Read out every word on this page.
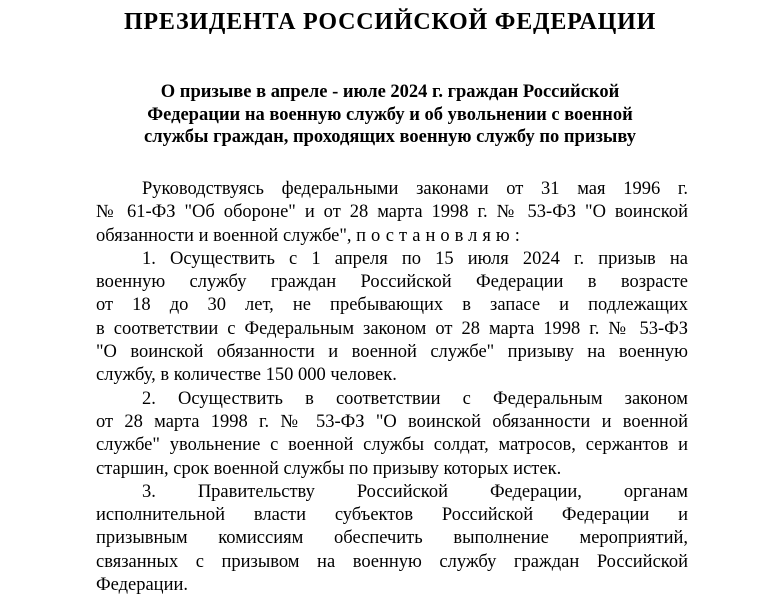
ПРЕЗИДЕНТА РОССИЙСКОЙ ФЕДЕРАЦИИ
О призыве в апреле - июле 2024 г. граждан Российской
Федерации на военную службу и об увольнении с военной
службы граждан, проходящих военную службу по призыву

Руководствуясь федеральными законами от 31 мая 1996 г.
№ 61-ФЗ "Об обороне" и от 28 марта 1998 г. № 53-ФЗ "О воинской
обязанности и военной службе", постановляю:

1. Осуществить с 1 апреля по 15 июля 2024 г. призыв на
военную службу граждан Российской Федерации в возрасте
от 18 до 30 лет, не пребывающих в запасе и подлежащих
в соответствии с Федеральным законом от 28 марта 1998 г. № 53-ФЗ
"О воинской обязанности и военной службе" призыву на военную
службу, в количестве 150 000 человек.

2. Осуществить в соответствии с Федеральным законом
от 28 марта 1998 г. № 53-ФЗ "О воинской обязанности и военной
службе" увольнение с военной службы солдат, матросов, сержантов и
старшин, срок военной службы по призыву которых истек.

3. Правительству Российской Федерации, органам
исполнительной власти субъектов Российской Федерации и
призывным комиссиям обеспечить выполнение мероприятий,
связанных с призывом на военную службу граждан Российской
Федерации.
